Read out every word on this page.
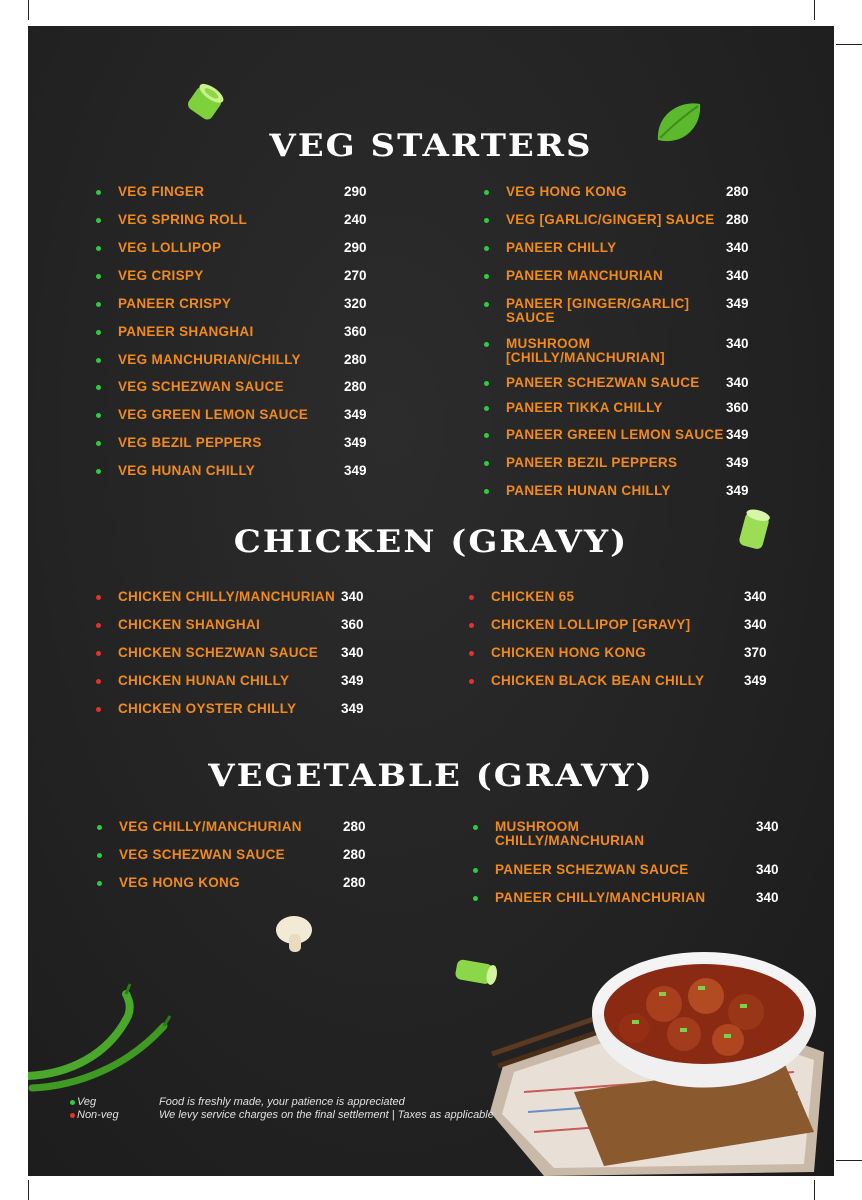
VEG STARTERS
CHICKEN (GRAVY)
VEGETABLE (GRAVY)
VEG FINGER	290
VEG SPRING ROLL	240
VEG LOLLIPOP	290
VEG CRISPY	270
PANEER CRISPY	320
PANEER SHANGHAI	360
VEG MANCHURIAN/CHILLY	280
VEG SCHEZWAN SAUCE	280
VEG GREEN LEMON SAUCE	349
VEG BEZIL PEPPERS	349
VEG HUNAN CHILLY	349
VEG HONG KONG	280
VEG [GARLIC/GINGER] SAUCE 280
PANEER CHILLY	340
PANEER MANCHURIAN	340
PANEER [GINGER/GARLIC]
SAUCE
349
MUSHROOM
[CHILLY/MANCHURIAN]
340
PANEER SCHEZWAN SAUCE 340
PANEER TIKKA CHILLY	360
PANEER GREEN LEMON SAUCE 349
PANEER BEZIL PEPPERS	349
PANEER HUNAN CHILLY	349
CHICKEN CHILLY/MANCHURIAN 340
CHICKEN SHANGHAI	360
CHICKEN SCHEZWAN SAUCE 340
CHICKEN HUNAN CHILLY	349
CHICKEN OYSTER CHILLY	349
CHICKEN 65	340
CHICKEN LOLLIPOP [GRAVY]	340
CHICKEN HONG KONG	370
CHICKEN BLACK BEAN CHILLY	349
VEG CHILLY/MANCHURIAN	280
VEG SCHEZWAN SAUCE	280
VEG HONG KONG	280
MUSHROOM
CHILLY/MANCHURIAN
340
PANEER SCHEZWAN SAUCE	340
PANEER CHILLY/MANCHURIAN	340
Veg
Non-veg
Food is freshly made, your patience is appreciated
We levy service charges on the final settlement | Taxes as applicable
